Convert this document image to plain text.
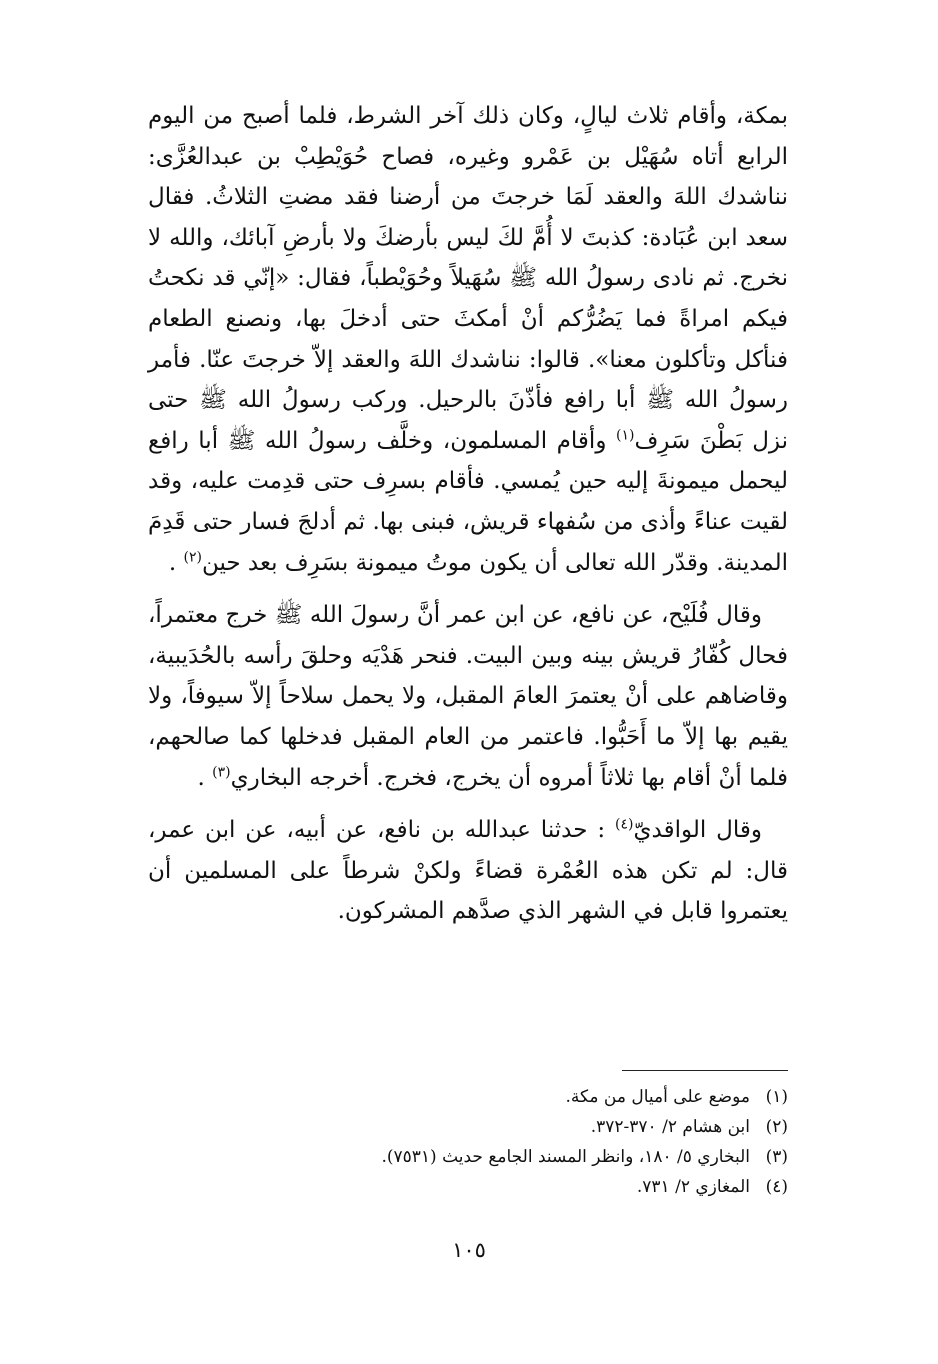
بمكة، وأقام ثلاث ليالٍ، وكان ذلك آخر الشرط، فلما أصبح من اليوم الرابع أتاه سُهَيْل بن عَمْرو وغيره، فصاح حُوَيْطِبْ بن عبدالعُزَّى: نناشدك اللهَ والعقد لَمَا خرجتَ من أرضنا فقد مضتِ الثلاثُ. فقال سعد ابن عُبَادة: كذبتَ لا أُمَّ لكَ ليس بأرضكَ ولا بأرضِ آبائك، والله لا نخرج. ثم نادى رسولُ الله ﷺ سُهَيلاً وحُوَيْطباً، فقال: «إنّي قد نكحتُ فيكم امراةً فما يَضُرُّكم أنْ أمكثَ حتى أدخلَ بها، ونصنع الطعام فنأكل وتأكلون معنا». قالوا: نناشدك اللهَ والعقد إلاّ خرجتَ عنّا. فأمر رسولُ الله ﷺ أبا رافع فأذّنَ بالرحيل. وركب رسولُ الله ﷺ حتى نزل بَطْنَ سَرِف$^{(١)}$ وأقام المسلمون، وخلَّف رسولُ الله ﷺ أبا رافع ليحمل ميمونةَ إليه حين يُمسي. فأقام بسرِف حتى قدِمت عليه، وقد لقيت عناءً وأذى من سُفهاء قريش، فبنى بها. ثم أدلجَ فسار حتى قَدِمَ المدينة. وقدّر الله تعالى أن يكون موتُ ميمونة بسَرِف بعد حين$^{(٢)}$ .

وقال فُلَيْح، عن نافع، عن ابن عمر أنَّ رسولَ الله ﷺ خرج معتمراً، فحال كُفّارُ قريش بينه وبين البيت. فنحر هَدْيَه وحلقَ رأسه بالحُدَيبية، وقاضاهم على أنْ يعتمرَ العامَ المقبل، ولا يحمل سلاحاً إلاّ سيوفاً، ولا يقيم بها إلاّ ما أَحَبُّوا. فاعتمر من العام المقبل فدخلها كما صالحهم، فلما أنْ أقام بها ثلاثاً أمروه أن يخرج، فخرج. أخرجه البخاري$^{(٣)}$ .

وقال الواقديّ$^{(٤)}$ : حدثنا عبدالله بن نافع، عن أبيه، عن ابن عمر، قال: لم تكن هذه العُمْرة قضاءً ولكنْ شرطاً على المسلمين أن يعتمروا قابل في الشهر الذي صدَّهم المشركون.

(١)موضع على أميال من مكة.
(٢)ابن هشام ٢/ ٣٧٠-٣٧٢.
(٣)البخاري ٥/ ١٨٠، وانظر المسند الجامع حديث (٧٥٣١).
(٤)المغازي ٢/ ٧٣١.
١٠٥
